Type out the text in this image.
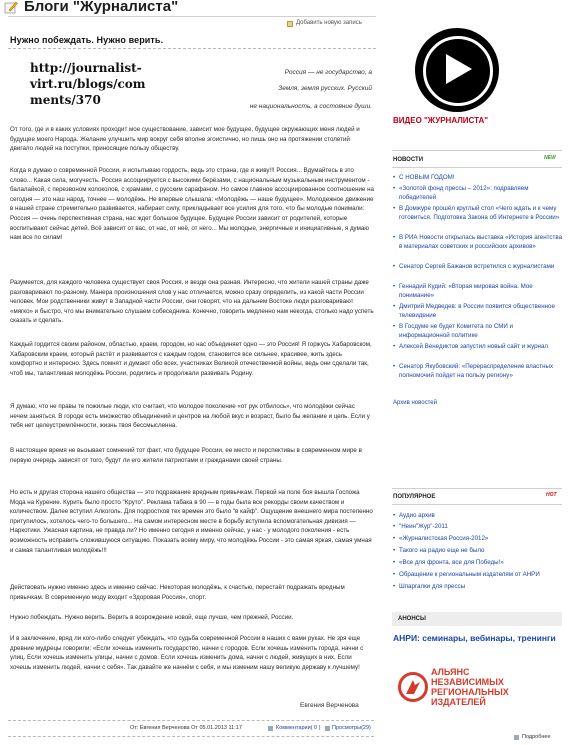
Блоги "Журналиста"
Добавить новую запись
Нужно побеждать. Нужно верить.
http://journalist-virt.ru/blogs/com
ments/370
Россия — не государство, а
Земля, земля русских. Русский
не национальность, а состояние души.
От того, где и в каких условиях проходит мое существование, зависит мое будущее, будущее окружающих меня людей и будущее моего Народа. Желание улучшить мир вокруг себя вполне эгоистично, но лишь оно на протяжении столетий двигало людей на поступки, приносящие пользу обществу.
Когда я думаю о современной России, я испытываю гордость, ведь это страна, где я живу!!! Россия... Вдумайтесь в это слово... Какая сила, могучесть. Россия ассоциируется с высокими берёзами, с национальным музыкальным инструментом - балалайкой, с перезвоном колоколов, с храмами, с русским сарафаном. Но самое главное ассоциированное соотношение на сегодня — это наш народ, точнее — молодёжь. Не впервые слышала: «Молодёжь — наше будущее». Молодежное движение в нашей стране стремительно развивается, набирает силу, прикладывает все усилия для того, что бы молодые понимали: Россия — очень перспективная страна, нас ждет большое будущее. Будущее России зависит от родителей, которые воспитывают сейчас детей. Всё зависит от вас, от нас, от неё, от него... Мы молодые, энергичные и инициативные, я думаю нам все по силам!
Разумеется, для каждого человека существует своя Россия, и везде она разная. Интересно, что жители нашей страны даже разговаривают по-разному. Манера произношения слов у нас отличается, можно сразу определить, из какой части России человек. Мои родственники живут в Западной части России, они говорят, что на дальнем Востоке люди разговаривают «мягко» и быстро, что мы внимательно слушаем собеседника. Конечно, говорить медленно нам некогда, столько надо успеть сказать и сделать.
Каждый гордится своим районом, областью, краем, городом, но нас объединяет одно — это Россия! Я горжусь Хабаровском, Хабаровским краем, который растёт и развивается с каждым годом, становится все сильнее, красивее, жить здесь комфортно и интересно. Здесь помнят и думают обо всех, участниках Великой отечественной войны, ведь они сделали так, чтоб мы, талантливая молодёжь России, родились и продолжали развивать Родину.
Я думаю, что не правы те пожилые люди, кто считает, что молодое поколение «от рук отбилось», что молодёжи сейчас нечем заняться. В городе есть множество объединений и центров на любой вкус и возраст, было бы желание и цель. Если у тебя нет целеустремлённости, жизнь твоя бессмысленна.
В настоящее время не вызывает сомнений тот факт, что будущее России, ее место и перспективы в современном мире в первую очередь зависят от того, будут ли его жители патриотами и гражданами своей страны.
Но есть и другая сторона нашего общества — это подражание вредным привычкам. Первой на поле боя вышла Госпожа Мода на Курение. Курить было просто "Круто". Реклама табака в 90 — в годы была все рекорды своим качеством и количеством. Далее вступил Алкоголь. Для подростков тех времен это было "в кайф". Ощущение внешнего мира постепенно притупилось, хотелось чего-то большего... На самом интересном месте в борьбу вступила вспомогательная дивизия — Наркотики. Ужасная картина, не правда ли? Но именно сегодня и именно сейчас, у нас - у молодого поколения - есть возможность исправить сложившуюся ситуацию. Показать всему миру, что молодёжь России - это самая яркая, самая умная и самая талантливая молодёжь!!!
Действовать нужно именно здесь и именно сейчас. Некоторая молодёжь, к счастью, перестаёт подражать вредным привычкам. В современную моду входит «Здоровая Россия», спорт.
Нужно побеждать. Нужно верить. Верить в возрождение новой, еще лучше, чем прежней, России.
И в заключение, вряд ли кого-либо следует убеждать, что судьба современной России в наших с вами руках. Не зря еще древние мудрецы говорили: «Если хочешь изменить государство, начни с городов. Если хочешь изменить города, начни с улиц. Если хочешь изменить улицы, начни с домов. Если хочешь изменить дома, начни с людей, живущих в них. Если хочешь изменить людей, начни с себя». Так давайте же начнём с себя, и мы изменим нашу великую державу к лучшему!
Евгения Верченова
От: Евгения Верченова От 05.01.2013 11:17	Комментарии( 0 ) Просмотры(29)
ВИДЕО "ЖУРНАЛИСТА"
НОВОСТИ	NEW
• С НОВЫМ ГОДОМ!
• «Золотой фонд прессы – 2012»: подравляем победителей
• В Домжуре прошёл круглый стол «Чего ждать и к чему готовиться. Подготовка Закона об Интернете в России»
• В РИА Новости открылась выставка «История агентства в материалах советских и российских архивов»
• Сенатор Сергей Бажанов встретился с журналистами
• Геннадий Кудий: «Вторая мировая война. Мое понимание»
• Дмитрий Медведев: в России появится общественное телевидение
• В Госдуме не будет Комитета по СМИ и информационной политике
• Алексей Венедиктов запустил новый сайт и журнал
• Сенатор Якубовский: «Перераспределение властных полномочий пойдет на пользу региону»
Архив новостей
ПОПУЛЯРНОЕ	HOT
• Аудио архив
• "Неин"Жур"-2011
• «Журналистская Россия-2012»
• Такого на радио еще не было
• «Все для фронта, все для Победы!»
• Обращение к региональным издателям от АНРИ
• Шпаргалки для прессы
АНОНСЫ
АНРИ: семинары, вебинары, тренинги
АЛЬЯНС
НЕЗАВИСИМЫХ
РЕГИОНАЛЬНЫХ
ИЗДАТЕЛЕЙ
Подробнее
